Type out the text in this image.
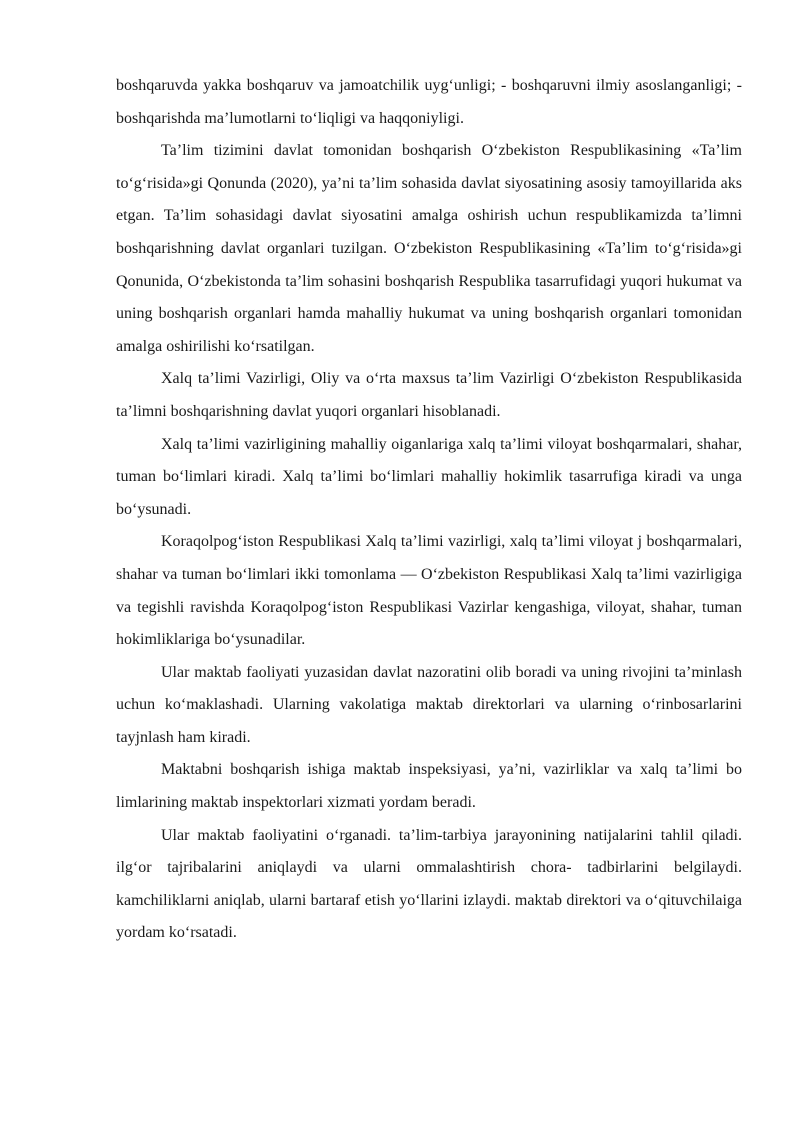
boshqaruvda yakka boshqaruv va jamoatchilik uyg‘unligi; - boshqaruvni ilmiy asoslanganligi; - boshqarishda ma’lumotlarni to‘liqligi va haqqoniyligi.

Ta’lim tizimini davlat tomonidan boshqarish O‘zbekiston Respublikasining «Ta’lim to‘g‘risida»gi Qonunda (2020), ya’ni ta’lim sohasida davlat siyosatining asosiy tamoyillarida aks etgan. Ta’lim sohasidagi davlat siyosatini amalga oshirish uchun respublikamizda ta’limni boshqarishning davlat organlari tuzilgan. O‘zbekiston Respublikasining «Ta’lim to‘g‘risida»gi Qonunida, O‘zbekistonda ta’lim sohasini boshqarish Respublika tasarrufidagi yuqori hukumat va uning boshqarish organlari hamda mahalliy hukumat va uning boshqarish organlari tomonidan amalga oshirilishi ko‘rsatilgan.

Xalq ta’limi Vazirligi, Oliy va o‘rta maxsus ta’lim Vazirligi O‘zbekiston Respublikasida ta’limni boshqarishning davlat yuqori organlari hisoblanadi.

Xalq ta’limi vazirligining mahalliy oiganlariga xalq ta’limi viloyat boshqarmalari, shahar, tuman bo‘limlari kiradi. Xalq ta’limi bo‘limlari mahalliy hokimlik tasarrufiga kiradi va unga bo‘ysunadi.

Koraqolpog‘iston Respublikasi Xalq ta’limi vazirligi, xalq ta’limi viloyat j boshqarmalari, shahar va tuman bo‘limlari ikki tomonlama — O‘zbekiston Respublikasi Xalq ta’limi vazirligiga va tegishli ravishda Koraqolpog‘iston Respublikasi Vazirlar kengashiga, viloyat, shahar, tuman hokimliklariga bo‘ysunadilar.

Ular maktab faoliyati yuzasidan davlat nazoratini olib boradi va uning rivojini ta’minlash uchun ko‘maklashadi. Ularning vakolatiga maktab direktorlari va ularning o‘rinbosarlarini tayjnlash ham kiradi.

Maktabni boshqarish ishiga maktab inspeksiyasi, ya’ni, vazirliklar va xalq ta’limi bo limlarining maktab inspektorlari xizmati yordam beradi.

Ular maktab faoliyatini o‘rganadi. ta’lim-tarbiya jarayonining natijalarini tahlil qiladi. ilg‘or tajribalarini aniqlaydi va ularni ommalashtirish chora- tadbirlarini belgilaydi. kamchiliklarni aniqlab, ularni bartaraf etish yo‘llarini izlaydi. maktab direktori va o‘qituvchilaiga yordam ko‘rsatadi.
